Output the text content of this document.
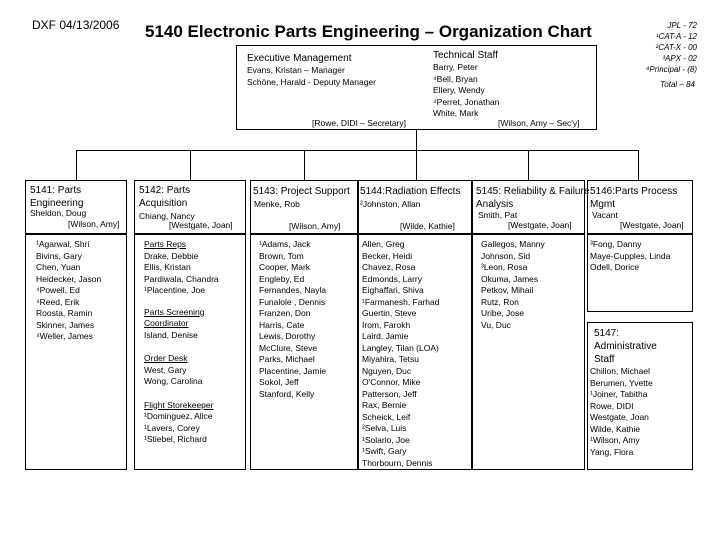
DXF 04/13/2006 5140 Electronic Parts Engineering – Organization Chart	JPL - 72
¹CAT-A - 12
²CAT-X - 00
³APX - 02
⁴Principal - (8)
Total – 84
Executive Management
Evans, Kristan – Manager
Schöne, Harald - Deputy Manager
[Rowe, DIDI – Secretary]
Technical Staff
Barry, Peter
⁴Bell, Bryan
Ellery, Wendy
⁴Perret, Jonathan
White, Mark
[Wilson, Amy – Sec'y]
5141: Parts
Engineering
Sheldon, Doug
[Wilson, Amy]
¹Agarwal, Shri
Bivins, Gary
Chen, Yuan
Heidecker, Jason
⁴Powell, Ed
⁴Reed, Erik
Roosta, Ramin
Skinner, James
⁴Weller, James
5142: Parts
Acquisition
Chiang, Nancy
[Westgate, Joan]
Parts Reps
Drake, Debbie
Ellis, Kristan
Pardiwala, Chandra
¹Placentine, Joe
Parts Screening Coordinator
Island, Denise
Order Desk
West, Gary
Wong, Carolina
Flight Storekeeper
¹Dominguez, Alice
¹Lavers, Corey
¹Stiebel, Richard
5143: Project Support
Menke, Rob
[Wilson, Amy]
¹Adams, Jack
Brown, Tom
Cooper, Mark
Engleby, Ed
Fernandes, Nayla
Funalole , Dennis
Franzen, Don
Harris, Cate
Lewis, Dorothy
McClure, Steve
Parks, Michael
Placentine, Jamie
Sokol, Jeff
Stanford, Kelly
5144:Radiation Effects
²Johnston, Allan
[Wilde, Kathie]
Allen, Greg
Becker, Heidi
Chavez, Rosa
Edmonds, Larry
Eighaffari, Shiva
¹Farmanesh, Farhad
Guertin, Steve
Irom, Farokh
Laird, Jamie
Langley, Tilan (LOA)
Miyahira, Tetsu
Nguyen, Duc
O'Connor, Mike
Patterson, Jeff
Rax, Bernie
Scheick, Leif
²Selva, Luis
¹Solario, Joe
¹Swift, Gary
Thorbourn, Dennis
5145: Reliability & Failure
Analysis
Smith, Pat
[Westgate, Joan]
Gallegos, Manny
Johnson, Sid
³Leon, Rosa
Okuma, James
Petkov, Mihail
Rutz, Ron
Uribe, Jose
Vu, Duc
5146:Parts Process
Mgmt
Vacant
[Westgate, Joan]
³Fong, Danny
Maye-Cupples, Linda
Odell, Dorice
5147:
Administrative
Staff
Chillon, Michael
Berumen, Yvette
¹Joiner, Tabitha
Rowe, DIDI
Westgate, Joan
Wilde, Kathie
¹Wilson, Amy
Yang, Flora
